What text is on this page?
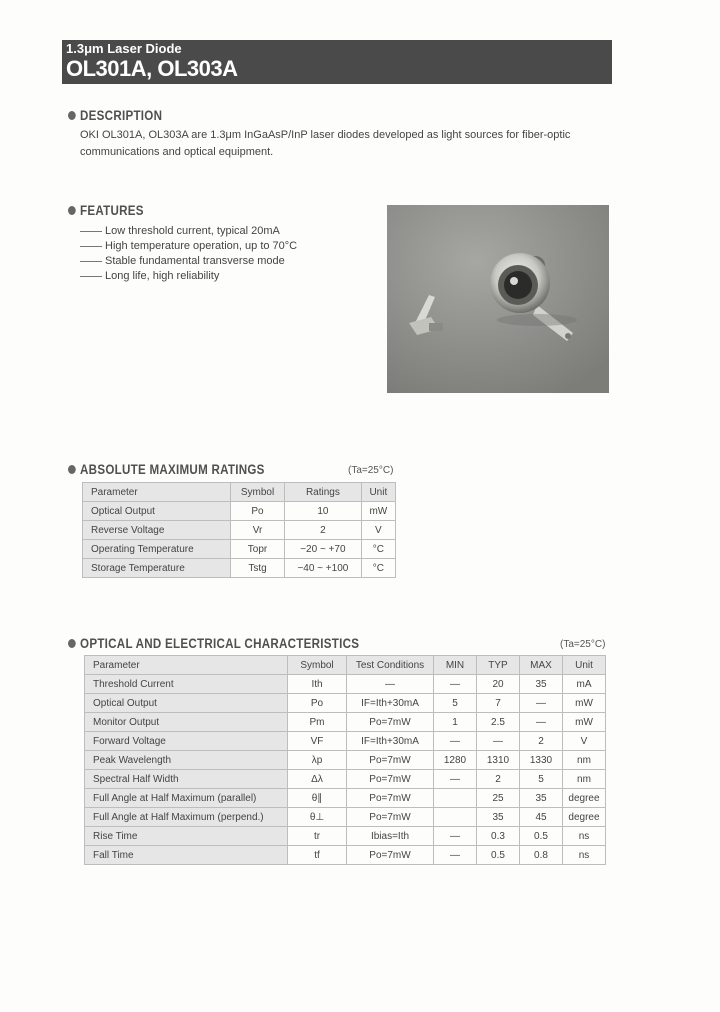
1.3μm Laser Diode
OL301A, OL303A
DESCRIPTION
OKI OL301A, OL303A are 1.3μm InGaAsP/InP laser diodes developed as light sources for fiber-optic communications and optical equipment.
FEATURES
Low threshold current, typical 20mA
High temperature operation, up to 70°C
Stable fundamental transverse mode
Long life, high reliability
ABSOLUTE MAXIMUM RATINGS	(Ta=25°C)
Parameter	Symbol	Ratings	Unit
Optical Output	Po	10	mW
Reverse Voltage	Vr	2	V
Operating Temperature	Topr	−20 ~ +70	°C
Storage Temperature	Tstg	−40 ~ +100	°C
OPTICAL AND ELECTRICAL CHARACTERISTICS	(Ta=25°C)
Parameter	Symbol	Test Conditions	MIN	TYP	MAX	Unit
Threshold Current	Ith	—	—	20	35	mA
Optical Output	Po	IF=Ith+30mA	5	7	—	mW
Monitor Output	Pm	Po=7mW	1	2.5	—	mW
Forward Voltage	VF	IF=Ith+30mA	—	—	2	V
Peak Wavelength	λp	Po=7mW	1280	1310	1330	nm
Spectral Half Width	Δλ	Po=7mW	—	2	5	nm
Full Angle at Half Maximum (parallel)	θ∥	Po=7mW		25	35	degree
Full Angle at Half Maximum (perpend.)	θ⊥	Po=7mW		35	45	degree
Rise Time	tr	Ibias=Ith	—	0.3	0.5	ns
Fall Time	tf	Po=7mW	—	0.5	0.8	ns
